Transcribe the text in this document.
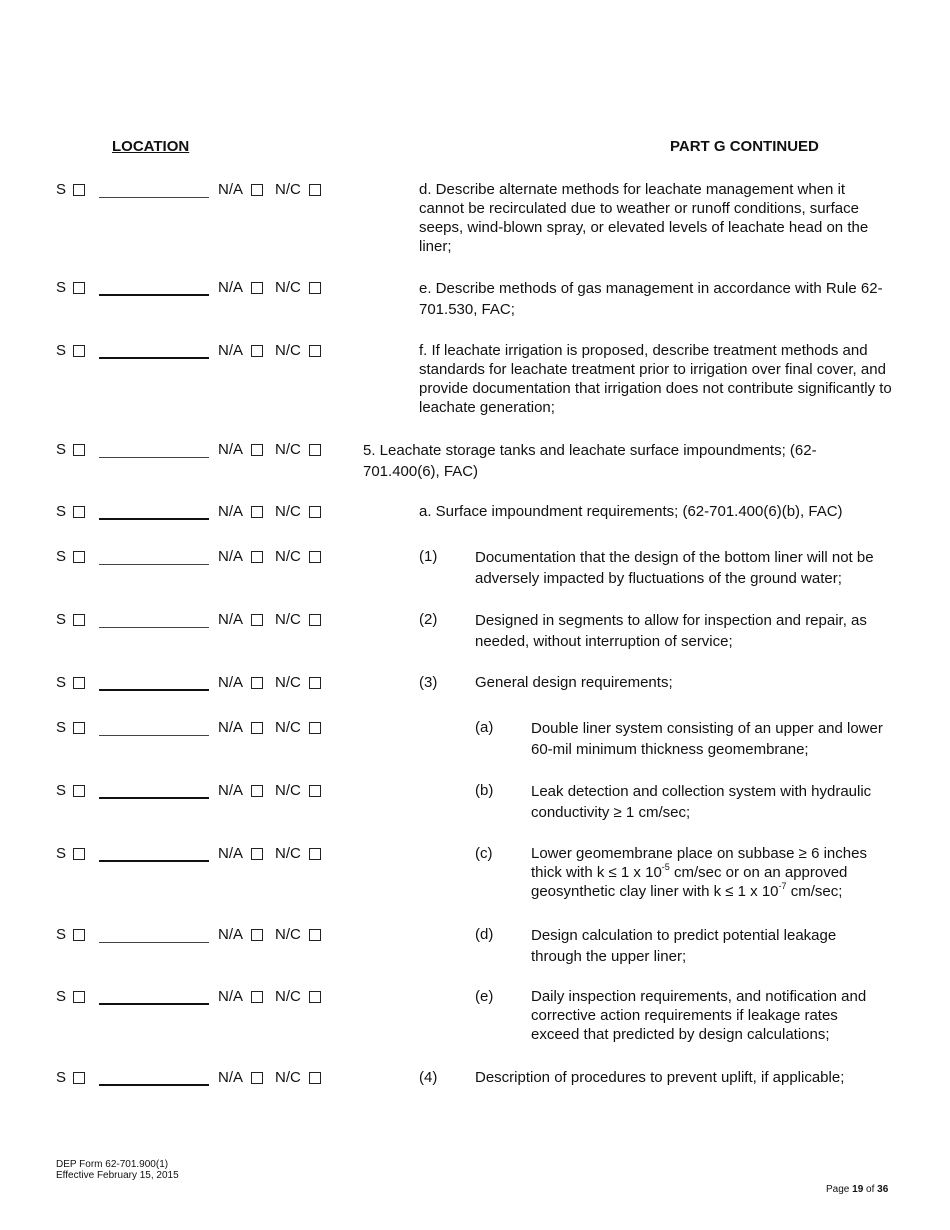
LOCATION	PART G CONTINUED
S	N/A N/C	d. Describe alternate methods for leachate management when it cannot be recirculated due to weather or runoff conditions, surface seeps, wind-blown spray, or elevated levels of leachate head on the liner;
S	N/A N/C	e. Describe methods of gas management in accordance with Rule 62-701.530, FAC;
S	N/A N/C	f. If leachate irrigation is proposed, describe treatment methods and standards for leachate treatment prior to irrigation over final cover, and provide documentation that irrigation does not contribute significantly to leachate generation;
S	N/A N/C	5. Leachate storage tanks and leachate surface impoundments; (62-701.400(6), FAC)
S	N/A N/C	a. Surface impoundment requirements; (62-701.400(6)(b), FAC)
S	N/A N/C	(1)	Documentation that the design of the bottom liner will not be adversely impacted by fluctuations of the ground water;
S	N/A N/C	(2)	Designed in segments to allow for inspection and repair, as needed, without interruption of service;
S	N/A N/C	(3)	General design requirements;
S	N/A N/C	(a)	Double liner system consisting of an upper and lower 60-mil minimum thickness geomembrane;
S	N/A N/C	(b)	Leak detection and collection system with hydraulic conductivity ≥ 1 cm/sec;
S	N/A N/C	(c)	Lower geomembrane place on subbase ≥ 6 inches thick with k ≤ 1 x $10^{-5}$ cm/sec or on an approved geosynthetic clay liner with k ≤ 1 x $10^{-7}$ cm/sec;
S	N/A N/C	(d)	Design calculation to predict potential leakage through the upper liner;
S	N/A N/C	(e)	Daily inspection requirements, and notification and corrective action requirements if leakage rates exceed that predicted by design calculations;
S	N/A N/C	(4)	Description of procedures to prevent uplift, if applicable;
DEP Form 62-701.900(1)
Effective February 15, 2015
Page 19 of 36
